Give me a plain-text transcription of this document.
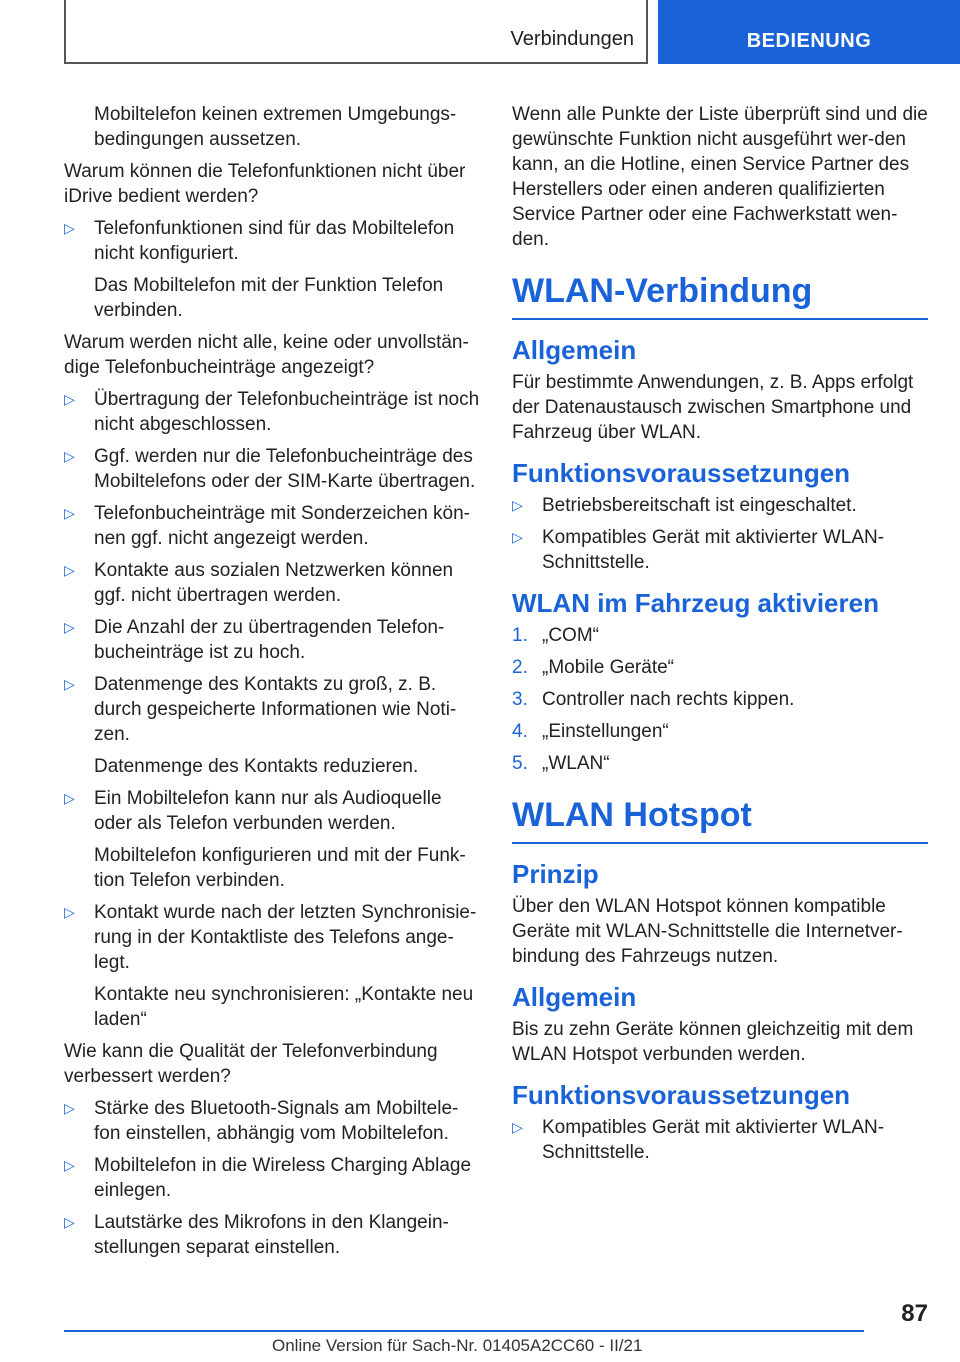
Verbindungen	BEDIENUNG

Mobiltelefon keinen extremen Umgebungs-bedingungen aussetzen.

Warum können die Telefonfunktionen nicht über iDrive bedient werden?

▷ Telefonfunktionen sind für das Mobiltelefon nicht konfiguriert.

Das Mobiltelefon mit der Funktion Telefon verbinden.

Warum werden nicht alle, keine oder unvollstän-dige Telefonbucheinträge angezeigt?

▷ Übertragung der Telefonbucheinträge ist noch nicht abgeschlossen.
▷ Ggf. werden nur die Telefonbucheinträge des Mobiltelefons oder der SIM-Karte übertragen.
▷ Telefonbucheinträge mit Sonderzeichen kön-nen ggf. nicht angezeigt werden.
▷ Kontakte aus sozialen Netzwerken können ggf. nicht übertragen werden.
▷ Die Anzahl der zu übertragenden Telefon-bucheinträge ist zu hoch.
▷ Datenmenge des Kontakts zu groß, z. B. durch gespeicherte Informationen wie Noti-zen.

Datenmenge des Kontakts reduzieren.

▷ Ein Mobiltelefon kann nur als Audioquelle oder als Telefon verbunden werden.

Mobiltelefon konfigurieren und mit der Funk-tion Telefon verbinden.

▷ Kontakt wurde nach der letzten Synchronisie-rung in der Kontaktliste des Telefons ange-legt.

Kontakte neu synchronisieren: „Kontakte neu laden“

Wie kann die Qualität der Telefonverbindung verbessert werden?

▷ Stärke des Bluetooth-Signals am Mobiltele-fon einstellen, abhängig vom Mobiltelefon.
▷ Mobiltelefon in die Wireless Charging Ablage einlegen.
▷ Lautstärke des Mikrofons in den Klangein-stellungen separat einstellen.

Wenn alle Punkte der Liste überprüft sind und die gewünschte Funktion nicht ausgeführt wer-den kann, an die Hotline, einen Service Partner des Herstellers oder einen anderen qualifizierten Service Partner oder eine Fachwerkstatt wen-den.

WLAN-Verbindung
Allgemein

Für bestimmte Anwendungen, z. B. Apps erfolgt der Datenaustausch zwischen Smartphone und Fahrzeug über WLAN.

Funktionsvoraussetzungen
▷ Betriebsbereitschaft ist eingeschaltet.
▷ Kompatibles Gerät mit aktivierter WLAN-Schnittstelle.
WLAN im Fahrzeug aktivieren
1. „COM“
2. „Mobile Geräte“
3. Controller nach rechts kippen.
4. „Einstellungen“
5. „WLAN“
WLAN Hotspot
Prinzip

Über den WLAN Hotspot können kompatible Geräte mit WLAN-Schnittstelle die Internetver-bindung des Fahrzeugs nutzen.

Allgemein

Bis zu zehn Geräte können gleichzeitig mit dem WLAN Hotspot verbunden werden.

Funktionsvoraussetzungen
▷ Kompatibles Gerät mit aktivierter WLAN-Schnittstelle.
87
Online Version für Sach-Nr. 01405A2CC60 - II/21
